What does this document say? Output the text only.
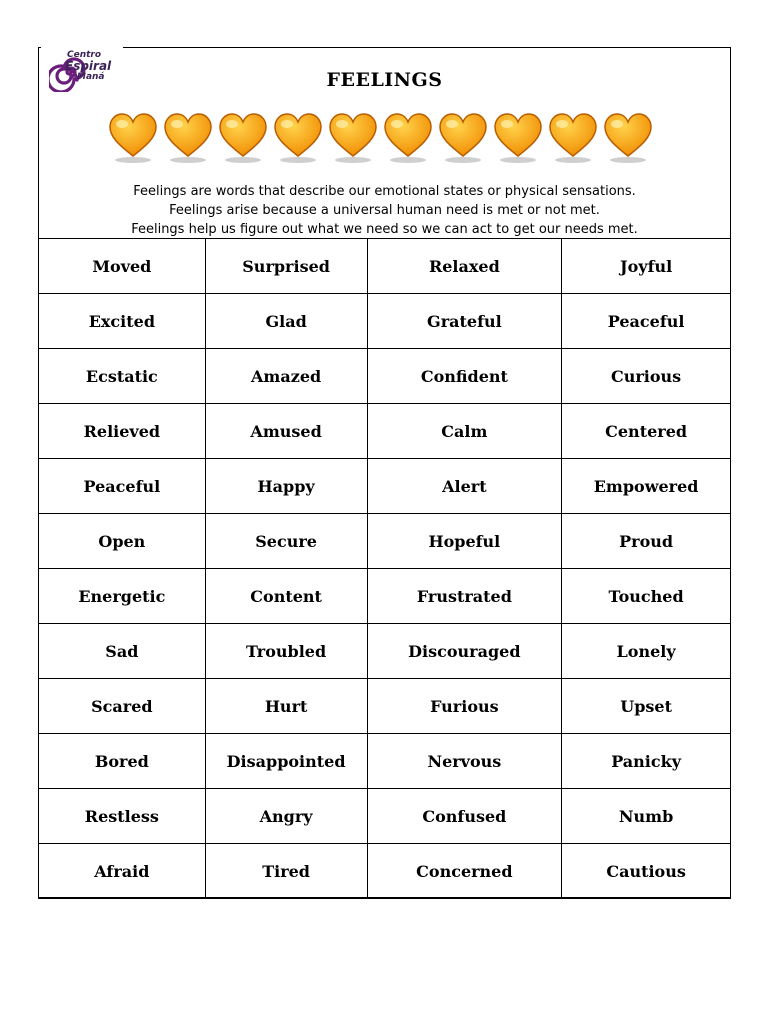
Centro
Espiral
Maná	FEELINGS
Feelings are words that describe our emotional states or physical sensations.
Feelings arise because a universal human need is met or not met.
Feelings help us figure out what we need so we can act to get our needs met.
Moved	Surprised	Relaxed	Joyful
Excited	Glad	Grateful	Peaceful
Ecstatic	Amazed	Confident	Curious
Relieved	Amused	Calm	Centered
Peaceful	Happy	Alert	Empowered
Open	Secure	Hopeful	Proud
Energetic	Content	Frustrated	Touched
Sad	Troubled	Discouraged	Lonely
Scared	Hurt	Furious	Upset
Bored	Disappointed	Nervous	Panicky
Restless	Angry	Confused	Numb
Afraid	Tired	Concerned	Cautious
